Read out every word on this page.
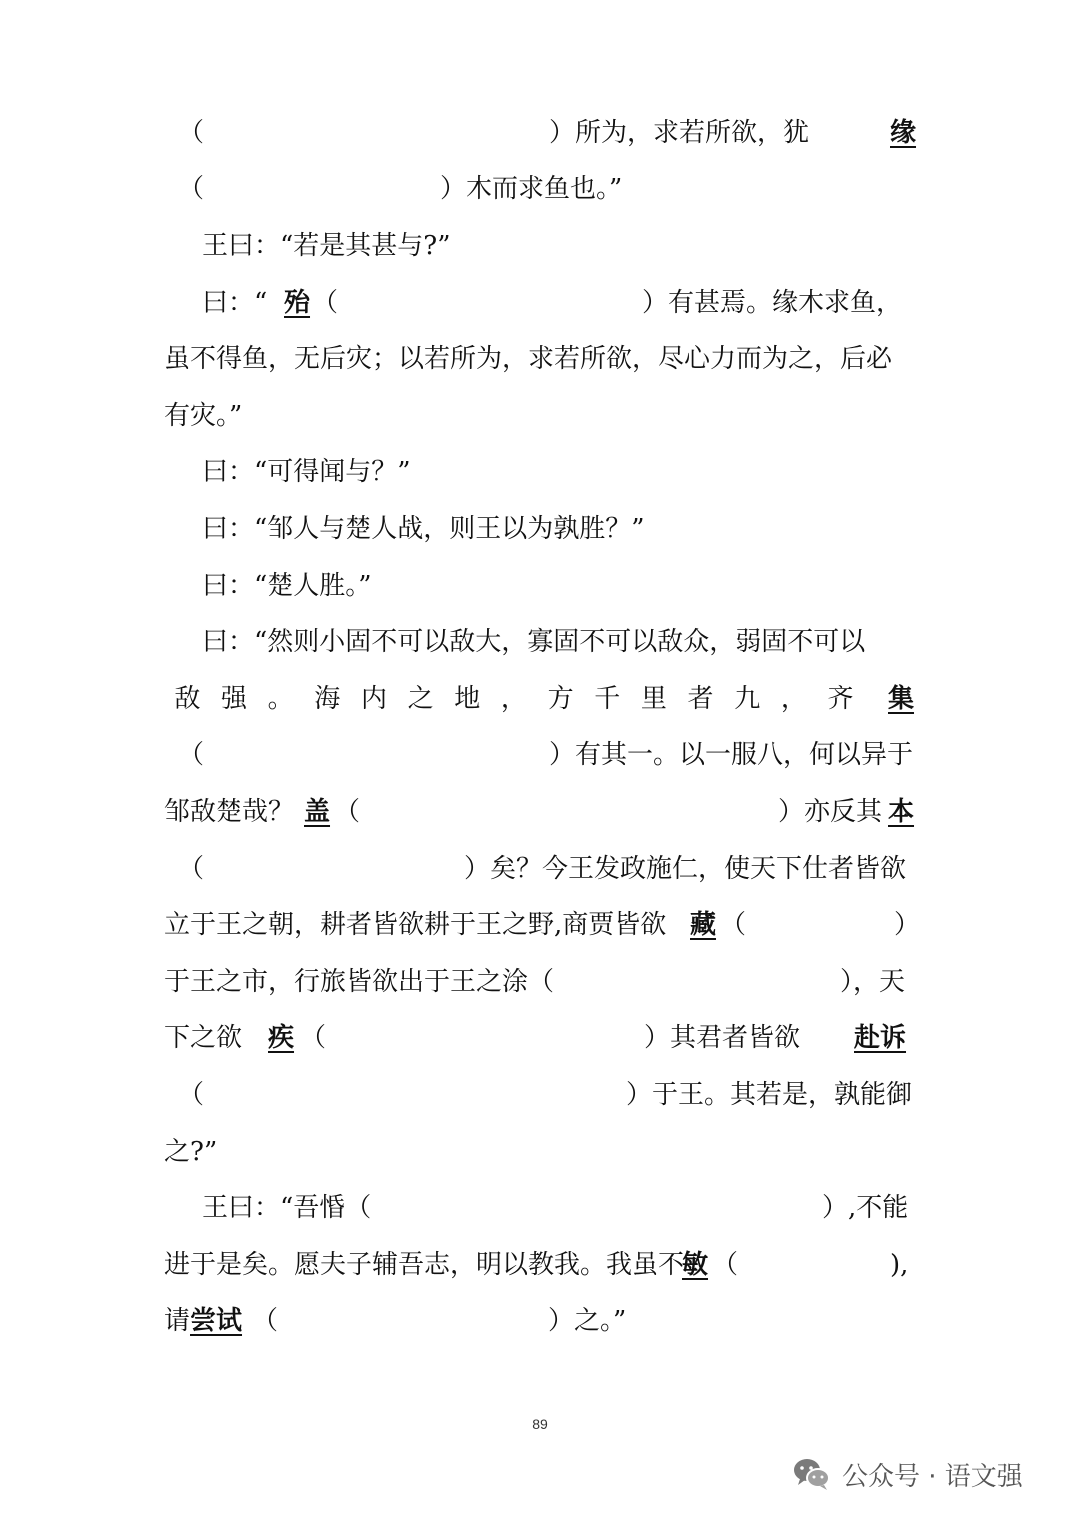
（	）所为，求若所欲，犹	缘
（	）木而求鱼也。”
王曰：“若是其甚与?”
曰：“ 殆 （	）有甚焉。缘木求鱼，
虽不得鱼，无后灾；以若所为，求若所欲，尽心力而为之，后必
有灾。”
曰：“可得闻与？”
曰：“邹人与楚人战，则王以为孰胜？”
曰：“楚人胜。”
曰：“然则小固不可以敌大，寡固不可以敌众，弱固不可以
敌 强 。 海 内 之 地 ， 方 千 里 者 九 ， 齐	集
（	）有其一。以一服八，何以异于
邹敌楚哉？ 盖 （	）亦反其 本
（	）矣？今王发政施仁，使天下仕者皆欲
立于王之朝，耕者皆欲耕于王之野,商贾皆欲 藏 （	）
于王之市，行旅皆欲出于王之涂（	），天
下之欲 疾 （	）其君者皆欲 赴诉
（	）于王。其若是，孰能御
之?”
王曰：“吾惛（	）,不能
进于是矣。愿夫子辅吾志，明以教我。我虽不
敏 （	),
请 尝试 （	）之。”
89
公众号 · 语文强
